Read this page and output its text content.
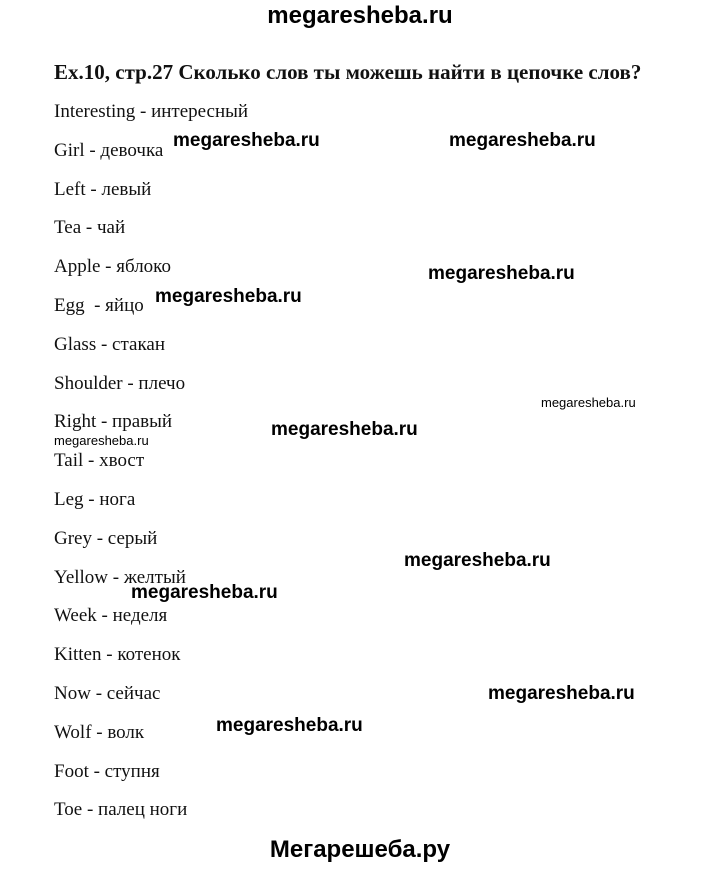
megaresheba.ru
Ex.10, стр.27 Сколько слов ты можешь найти в цепочке слов?
Interesting - интересный
Girl - девочка
Left - левый
Tea - чай
Apple - яблоко
Egg  - яйцо
Glass - стакан
Shoulder - плечо
Right - правый
Tail - хвост
Leg - нога
Grey - серый
Yellow - желтый
Week - неделя
Kitten - котенок
Now - сейчас
Wolf - волк
Foot - ступня
Toe - палец ноги
megaresheba.ru	megaresheba.ru
megaresheba.ru
megaresheba.ru
megaresheba.ru
megaresheba.ru
megaresheba.ru
megaresheba.ru
megaresheba.ru
megaresheba.ru
megaresheba.ru
Мегарешеба.ру
